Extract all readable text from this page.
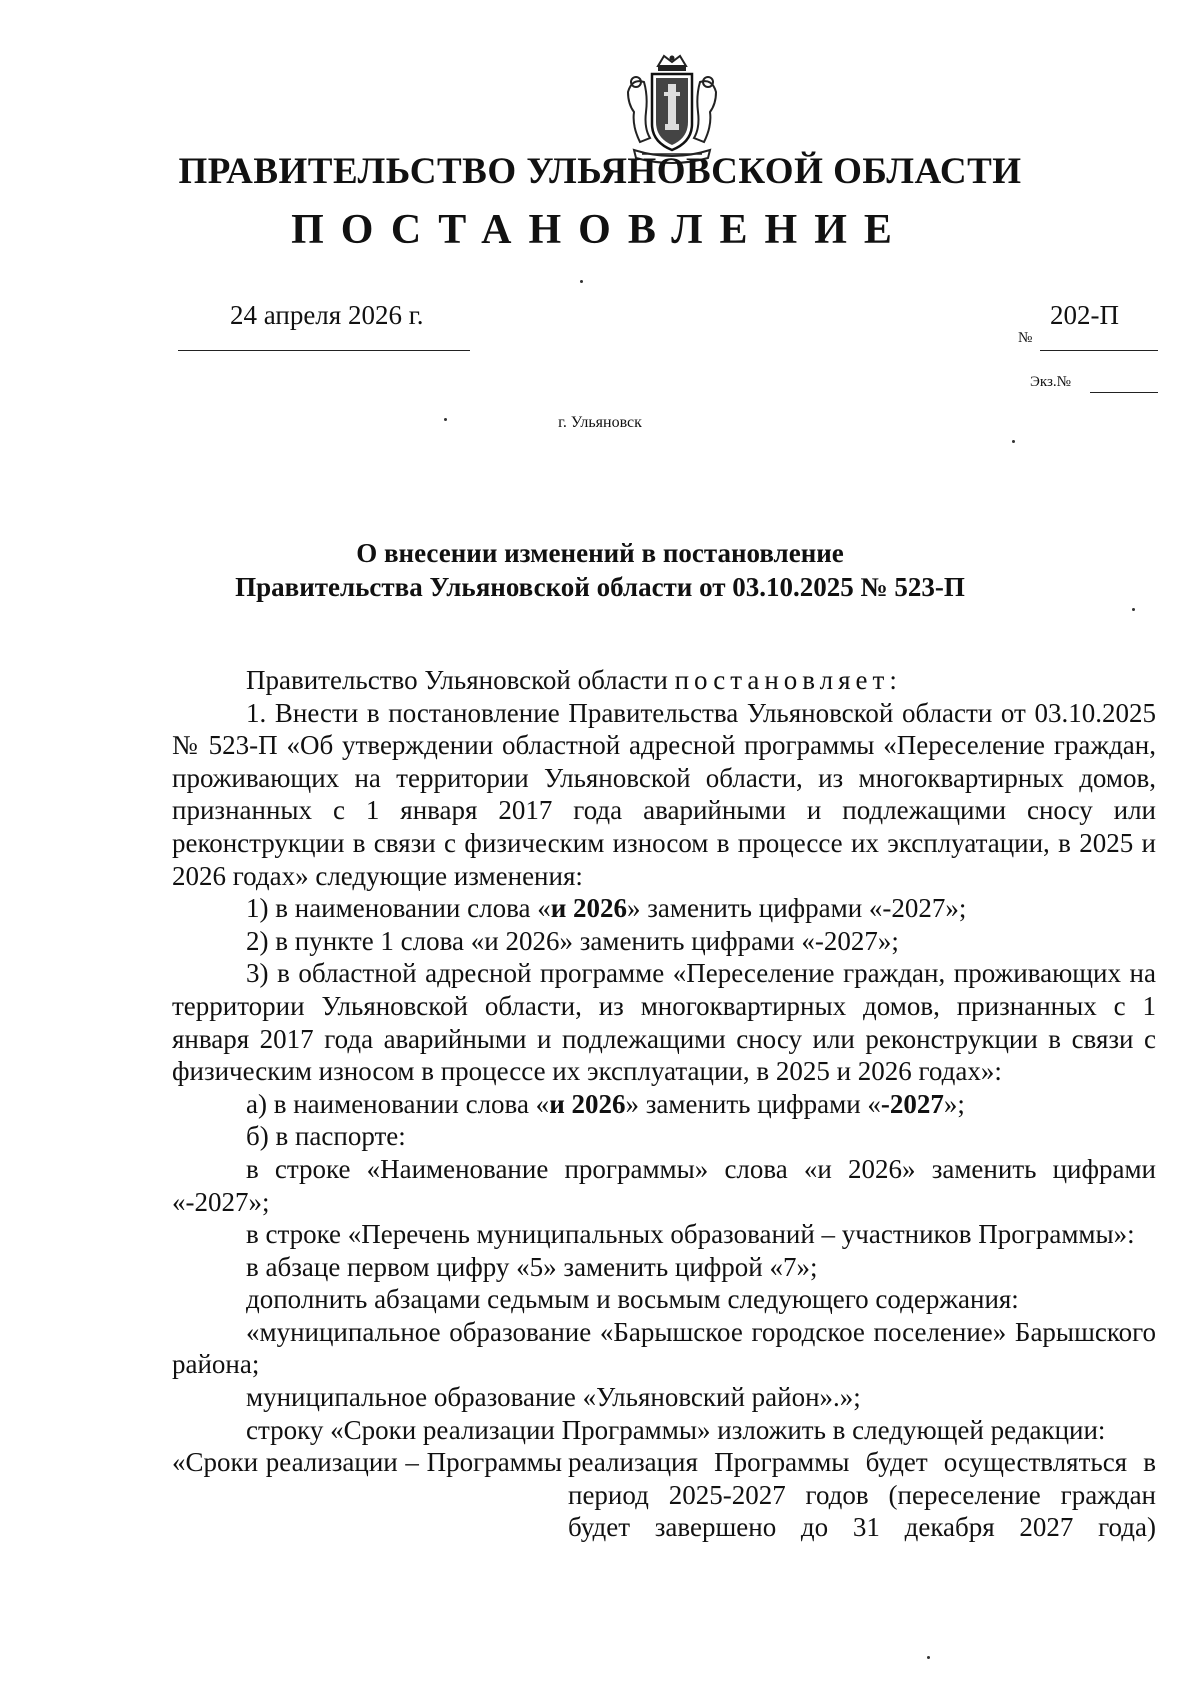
ПРАВИТЕЛЬСТВО УЛЬЯНОВСКОЙ ОБЛАСТИ
ПОСТАНОВЛЕНИЕ
24 апреля 2026 г.
№
202-П
Экз.№
г. Ульяновск
О внесении изменений в постановление
Правительства Ульяновской области от 03.10.2025 № 523-П

Правительство Ульяновской области постановляет:

1. Внести в постановление Правительства Ульяновской области от 03.10.2025 № 523-П «Об утверждении областной адресной программы «Переселение граждан, проживающих на территории Ульяновской области, из многоквартирных домов, признанных с 1 января 2017 года аварийными и подлежащими сносу или реконструкции в связи с физическим износом в процессе их эксплуатации, в 2025 и 2026 годах» следующие изменения:

1) в наименовании слова «и 2026» заменить цифрами «-2027»;

2) в пункте 1 слова «и 2026» заменить цифрами «-2027»;

3) в областной адресной программе «Переселение граждан, проживающих на территории Ульяновской области, из многоквартирных домов, признанных с 1 января 2017 года аварийными и подлежащими сносу или реконструкции в связи с физическим износом в процессе их эксплуатации, в 2025 и 2026 годах»:

а) в наименовании слова «и 2026» заменить цифрами «-2027»;

б) в паспорте:

в строке «Наименование программы» слова «и 2026» заменить цифрами «-2027»;

в строке «Перечень муниципальных образований – участников Программы»:

в абзаце первом цифру «5» заменить цифрой «7»;

дополнить абзацами седьмым и восьмым следующего содержания:

«муниципальное образование «Барышское городское поселение» Барышского района;

муниципальное образование «Ульяновский район».»;

строку «Сроки реализации Программы» изложить в следующей редакции:

«Сроки реализации – Программы реализация Программы будет осуществляться в период 2025-2027 годов (переселение граждан будет завершено до 31 декабря 2027 года)
